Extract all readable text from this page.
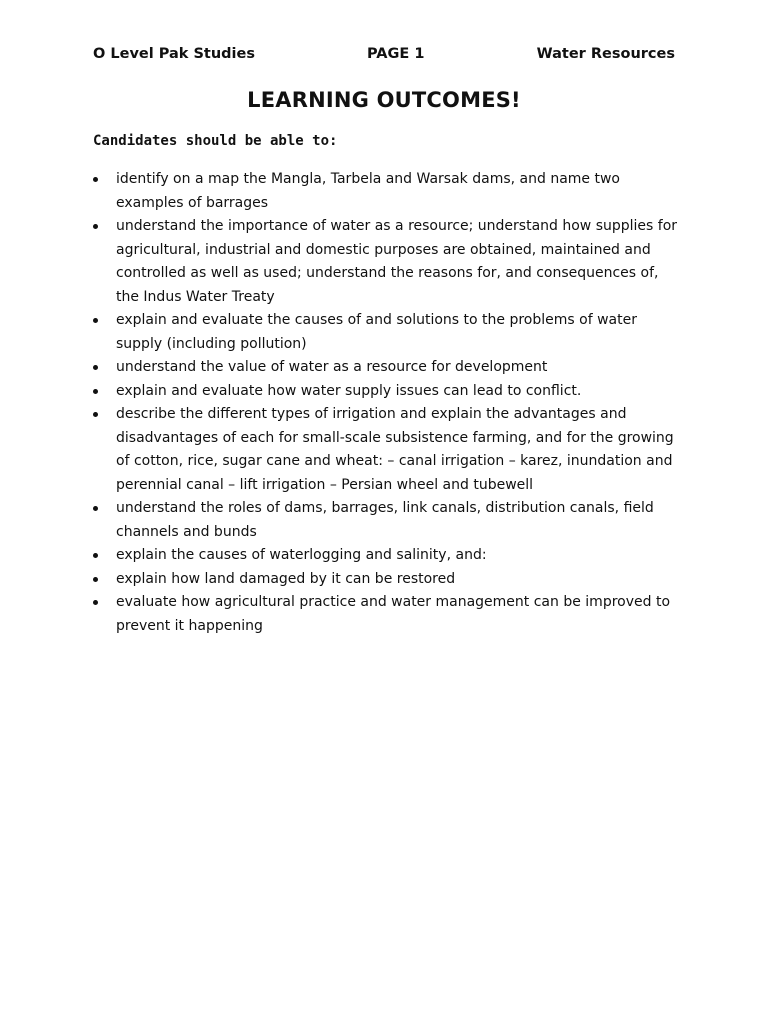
O Level Pak Studies	PAGE 1	Water Resources
LEARNING OUTCOMES!

Candidates should be able to:

identify on a map the Mangla, Tarbela and Warsak dams, and name two examples of barrages
understand the importance of water as a resource; understand how supplies for agricultural, industrial and domestic purposes are obtained, maintained and controlled as well as used; understand the reasons for, and consequences of, the Indus Water Treaty
explain and evaluate the causes of and solutions to the problems of water supply (including pollution)
understand the value of water as a resource for development
explain and evaluate how water supply issues can lead to conflict.
describe the different types of irrigation and explain the advantages and disadvantages of each for small-scale subsistence farming, and for the growing of cotton, rice, sugar cane and wheat: – canal irrigation – karez, inundation and perennial canal – lift irrigation – Persian wheel and tubewell
understand the roles of dams, barrages, link canals, distribution canals, field channels and bunds
explain the causes of waterlogging and salinity, and:
explain how land damaged by it can be restored
evaluate how agricultural practice and water management can be improved to prevent it happening
